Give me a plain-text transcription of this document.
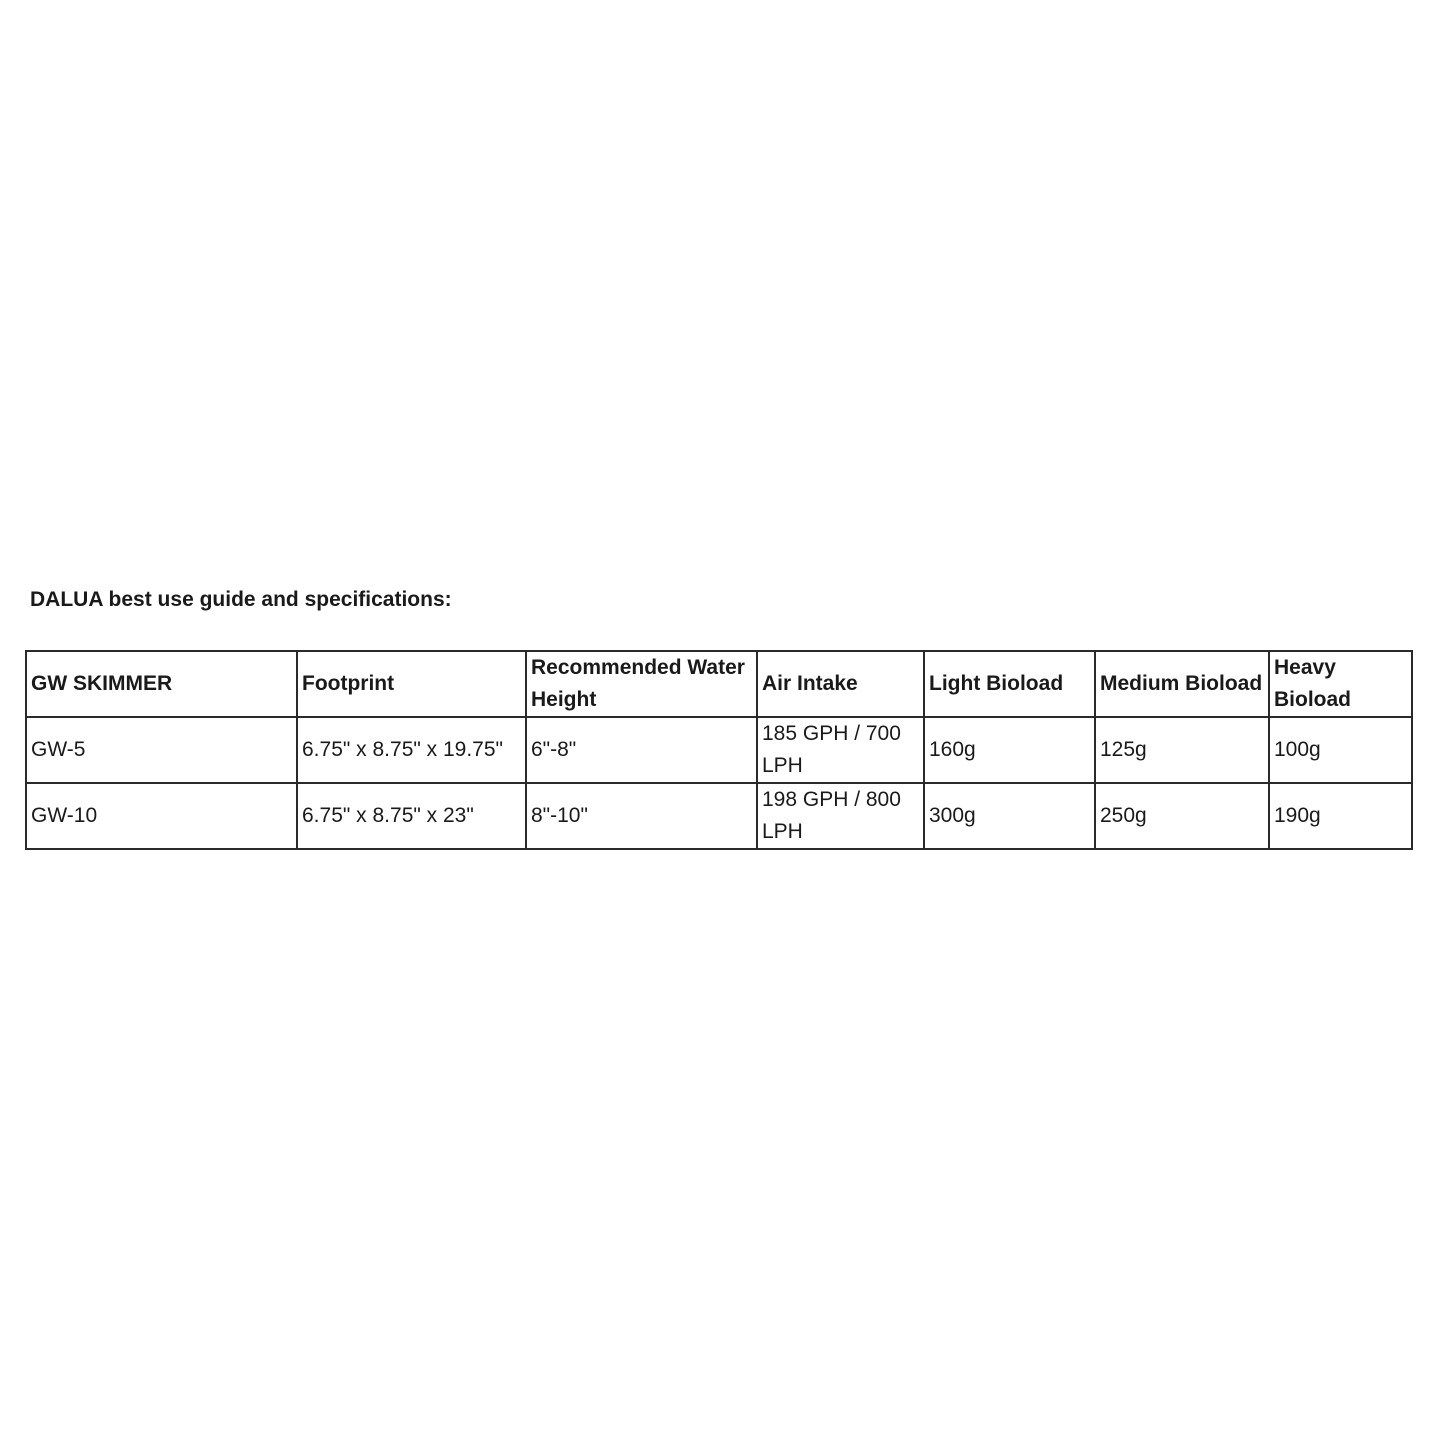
DALUA best use guide and specifications:
GW SKIMMER	Footprint	Recommended Water Height	Air Intake	Light Bioload	Medium Bioload	Heavy Bioload
GW-5	6.75" x 8.75" x 19.75"	6"-8"	185 GPH / 700 LPH	160g	125g	100g
GW-10	6.75" x 8.75" x 23"	8"-10"	198 GPH / 800 LPH	300g	250g	190g
